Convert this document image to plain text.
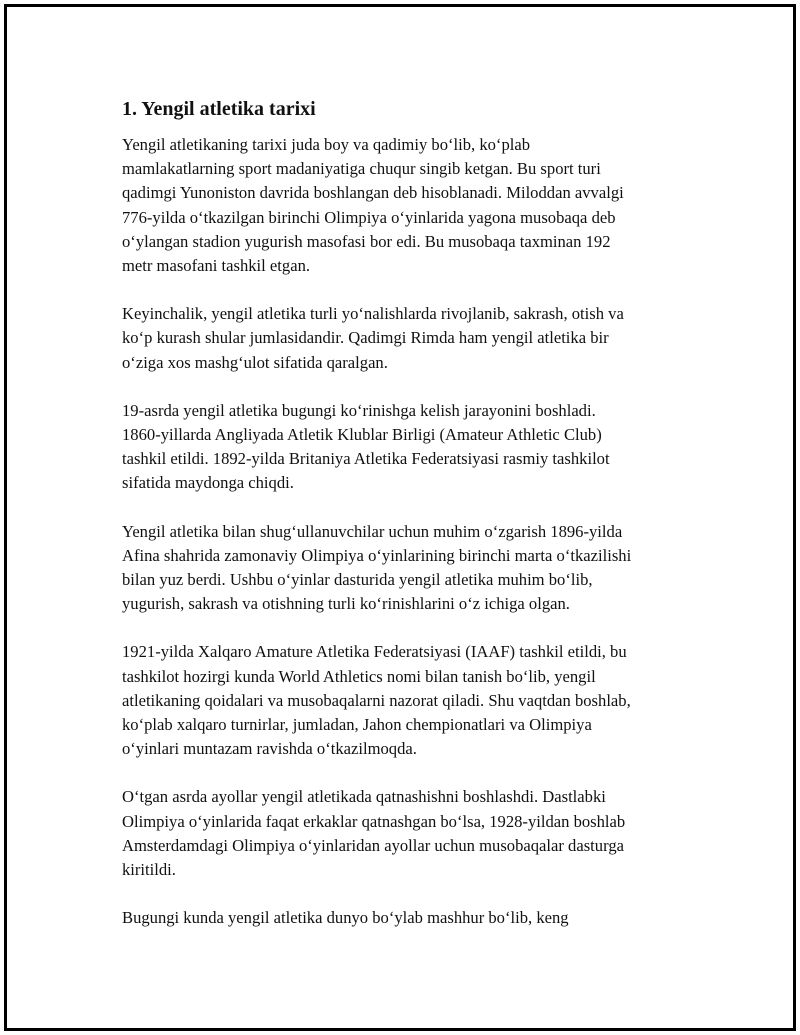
1. Yengil atletika tarixi
Yengil atletikaning tarixi juda boy va qadimiy bo‘lib, ko‘plab
mamlakatlarning sport madaniyatiga chuqur singib ketgan. Bu sport turi
qadimgi Yunoniston davrida boshlangan deb hisoblanadi. Miloddan avvalgi
776-yilda o‘tkazilgan birinchi Olimpiya o‘yinlarida yagona musobaqa deb
o‘ylangan stadion yugurish masofasi bor edi. Bu musobaqa taxminan 192
metr masofani tashkil etgan.
Keyinchalik, yengil atletika turli yo‘nalishlarda rivojlanib, sakrash, otish va
ko‘p kurash shular jumlasidandir. Qadimgi Rimda ham yengil atletika bir
o‘ziga xos mashg‘ulot sifatida qaralgan.
19-asrda yengil atletika bugungi ko‘rinishga kelish jarayonini boshladi.
1860-yillarda Angliyada Atletik Klublar Birligi (Amateur Athletic Club)
tashkil etildi. 1892-yilda Britaniya Atletika Federatsiyasi rasmiy tashkilot
sifatida maydonga chiqdi.
Yengil atletika bilan shug‘ullanuvchilar uchun muhim o‘zgarish 1896-yilda
Afina shahrida zamonaviy Olimpiya o‘yinlarining birinchi marta o‘tkazilishi
bilan yuz berdi. Ushbu o‘yinlar dasturida yengil atletika muhim bo‘lib,
yugurish, sakrash va otishning turli ko‘rinishlarini o‘z ichiga olgan.
1921-yilda Xalqaro Amature Atletika Federatsiyasi (IAAF) tashkil etildi, bu
tashkilot hozirgi kunda World Athletics nomi bilan tanish bo‘lib, yengil
atletikaning qoidalari va musobaqalarni nazorat qiladi. Shu vaqtdan boshlab,
ko‘plab xalqaro turnirlar, jumladan, Jahon chempionatlari va Olimpiya
o‘yinlari muntazam ravishda o‘tkazilmoqda.
O‘tgan asrda ayollar yengil atletikada qatnashishni boshlashdi. Dastlabki
Olimpiya o‘yinlarida faqat erkaklar qatnashgan bo‘lsa, 1928-yildan boshlab
Amsterdamdagi Olimpiya o‘yinlaridan ayollar uchun musobaqalar dasturga
kiritildi.
Bugungi kunda yengil atletika dunyo bo‘ylab mashhur bo‘lib, keng
